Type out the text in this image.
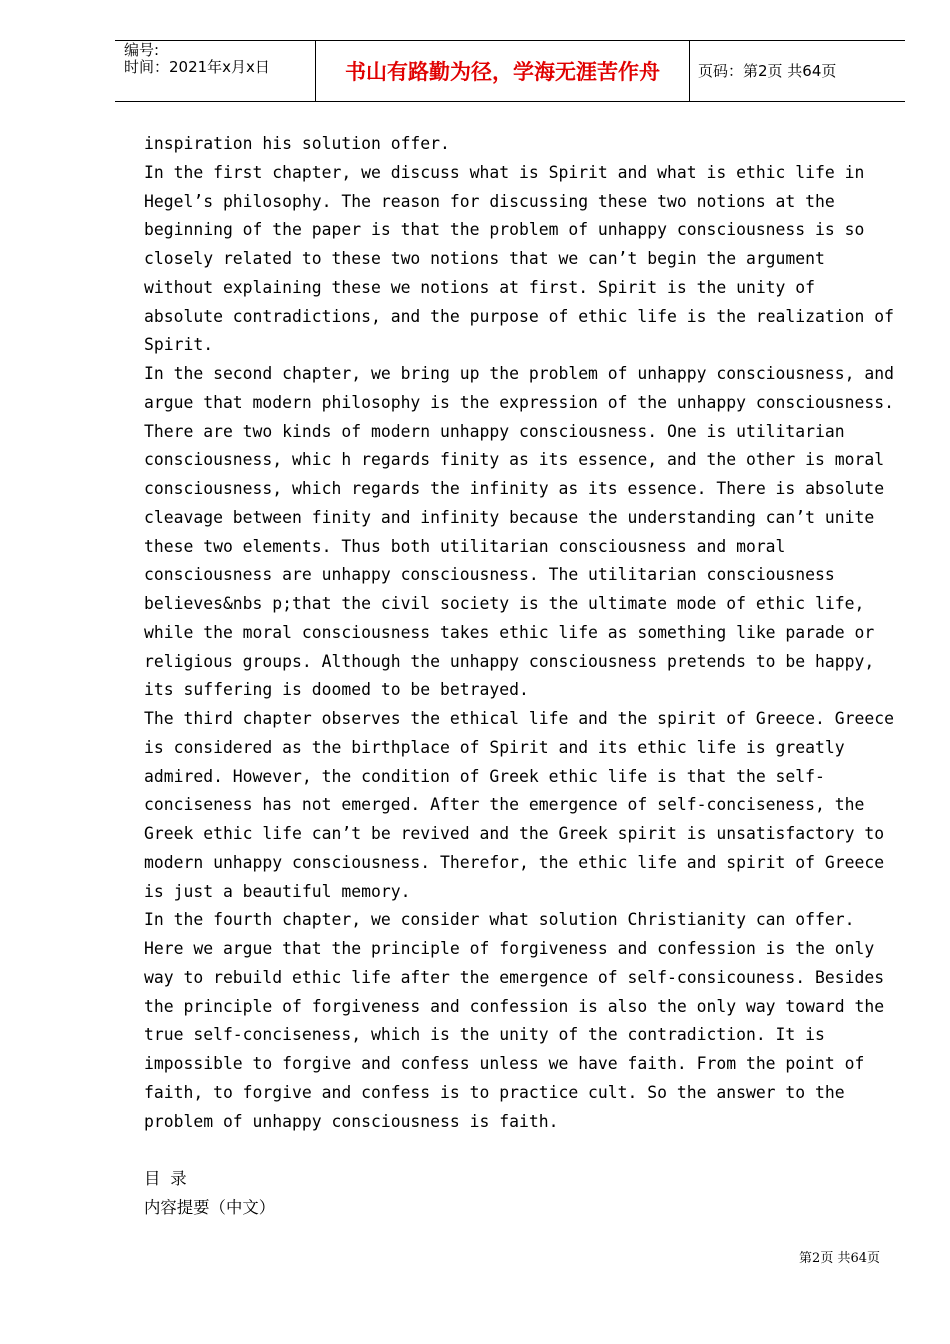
编号:
时间：2021年x月x日	书山有路勤为径，学海无涯苦作舟	页码：第2页 共64页
inspiration his solution offer.
In the first chapter, we discuss what is Spirit and what is ethic life in
Hegel’s philosophy. The reason for discussing these two notions at the
beginning of the paper is that the problem of unhappy consciousness is so
closely related to these two notions that we can’t begin the argument
without explaining these we notions at first. Spirit is the unity of
absolute contradictions, and the purpose of ethic life is the realization of
Spirit.
In the second chapter, we bring up the problem of unhappy consciousness, and
argue that modern philosophy is the expression of the unhappy consciousness.
There are two kinds of modern unhappy consciousness. One is utilitarian
consciousness, whic h regards finity as its essence, and the other is moral
consciousness, which regards the infinity as its essence. There is absolute
cleavage between finity and infinity because the understanding can’t unite
these two elements. Thus both utilitarian consciousness and moral
consciousness are unhappy consciousness. The utilitarian consciousness
believes&nbs p;that the civil society is the ultimate mode of ethic life,
while the moral consciousness takes ethic life as something like parade or
religious groups. Although the unhappy consciousness pretends to be happy,
its suffering is doomed to be betrayed.
The third chapter observes the ethical life and the spirit of Greece. Greece
is considered as the birthplace of Spirit and its ethic life is greatly
admired. However, the condition of Greek ethic life is that the self-
conciseness has not emerged. After the emergence of self-conciseness, the
Greek ethic life can’t be revived and the Greek spirit is unsatisfactory to
modern unhappy consciousness. Therefor, the ethic life and spirit of Greece
is just a beautiful memory.
In the fourth chapter, we consider what solution Christianity can offer.
Here we argue that the principle of forgiveness and confession is the only
way to rebuild ethic life after the emergence of self-consicouness. Besides
the principle of forgiveness and confession is also the only way toward the
true self-conciseness, which is the unity of the contradiction. It is
impossible to forgive and confess unless we have faith. From the point of
faith, to forgive and confess is to practice cult. So the answer to the
problem of unhappy consciousness is faith.
目 录
内容提要（中文）
第2页 共64页
